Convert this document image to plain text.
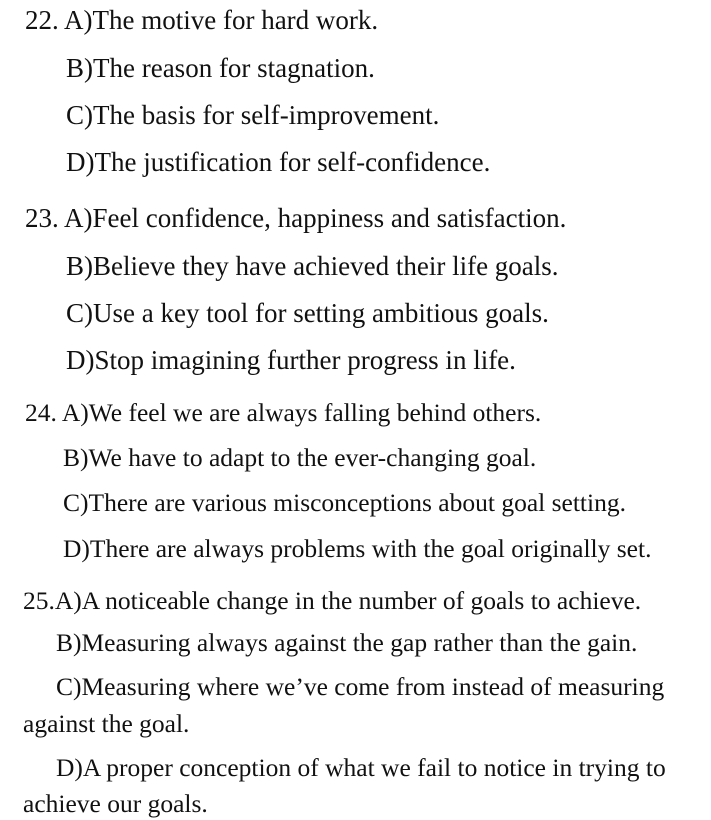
22. A)The motive for hard work.

B)The reason for stagnation.

C)The basis for self-improvement.

D)The justification for self-confidence.

23. A)Feel confidence, happiness and satisfaction.

B)Believe they have achieved their life goals.

C)Use a key tool for setting ambitious goals.

D)Stop imagining further progress in life.

24. A)We feel we are always falling behind others.

B)We have to adapt to the ever-changing goal.

C)There are various misconceptions about goal setting.

D)There are always problems with the goal originally set.

25.A)A noticeable change in the number of goals to achieve.

B)Measuring always against the gap rather than the gain.

C)Measuring where we’ve come from instead of measuring

against the goal.

D)A proper conception of what we fail to notice in trying to

achieve our goals.
